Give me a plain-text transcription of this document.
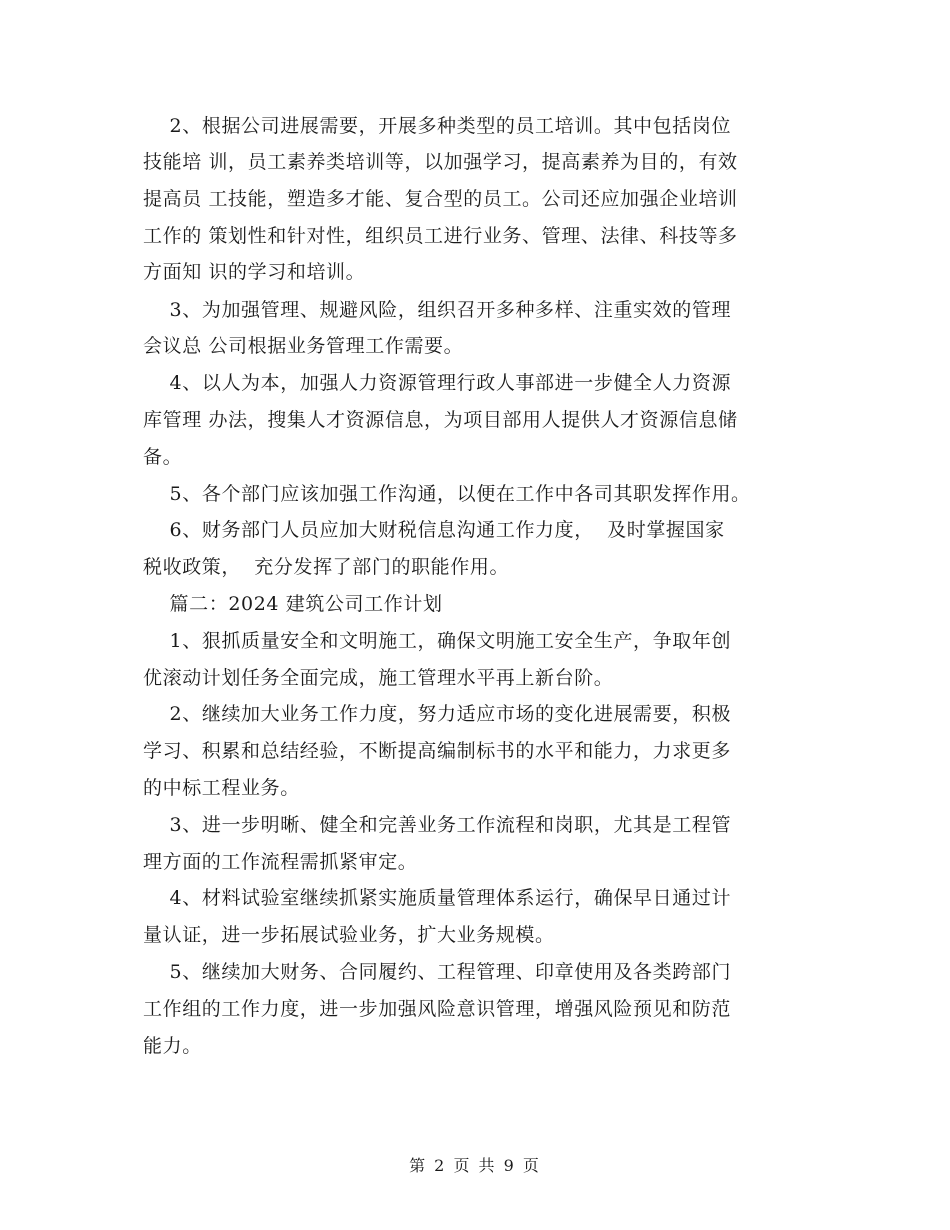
2、根据公司进展需要，开展多种类型的员工培训。其中包括岗位
技能培 训，员工素养类培训等，以加强学习，提高素养为目的，有效
提高员 工技能，塑造多才能、复合型的员工。公司还应加强企业培训
工作的 策划性和针对性，组织员工进行业务、管理、法律、科技等多
方面知 识的学习和培训。
3、为加强管理、规避风险，组织召开多种多样、注重实效的管理
会议总 公司根据业务管理工作需要。
4、以人为本，加强人力资源管理行政人事部进一步健全人力资源
库管理 办法，搜集人才资源信息，为项目部用人提供人才资源信息储
备。
5、各个部门应该加强工作沟通，以便在工作中各司其职发挥作用。
6、财务部门人员应加大财税信息沟通工作力度，  及时掌握国家
税收政策，  充分发挥了部门的职能作用。
篇二：2024 建筑公司工作计划
1、狠抓质量安全和文明施工，确保文明施工安全生产，争取年创
优滚动计划任务全面完成，施工管理水平再上新台阶。
2、继续加大业务工作力度，努力适应市场的变化进展需要，积极
学习、积累和总结经验，不断提高编制标书的水平和能力，力求更多
的中标工程业务。
3、进一步明晰、健全和完善业务工作流程和岗职，尤其是工程管
理方面的工作流程需抓紧审定。
4、材料试验室继续抓紧实施质量管理体系运行，确保早日通过计
量认证，进一步拓展试验业务，扩大业务规模。
5、继续加大财务、合同履约、工程管理、印章使用及各类跨部门
工作组的工作力度，进一步加强风险意识管理，增强风险预见和防范
能力。
第 2 页 共 9 页
